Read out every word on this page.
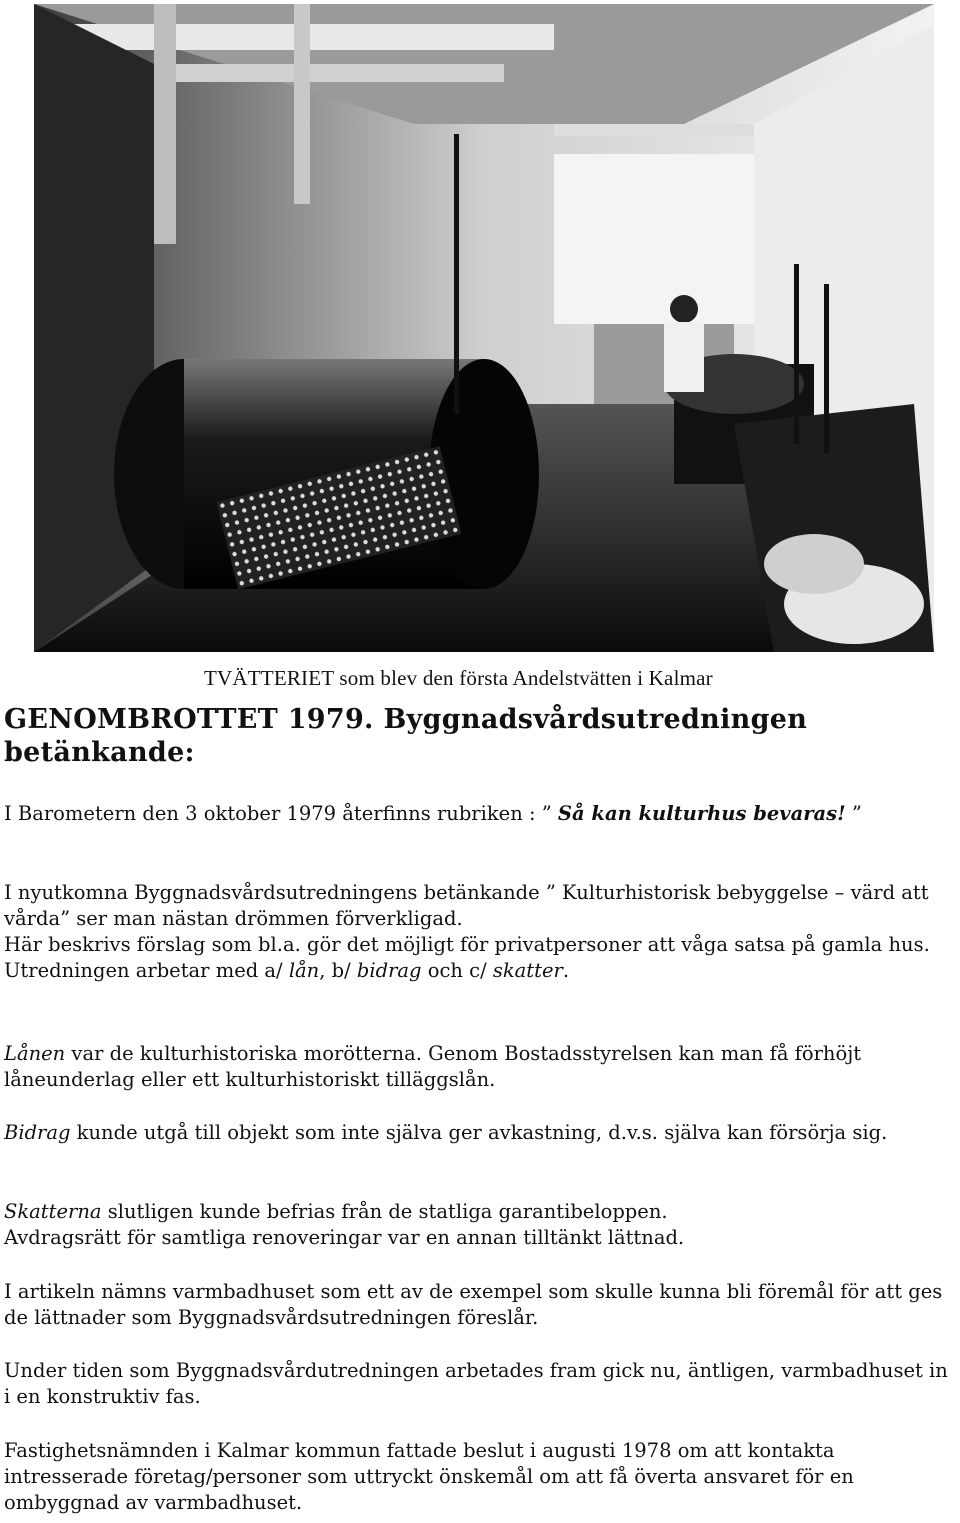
TVÄTTERIET som blev den första Andelstvätten i Kalmar
GENOMBROTTET 1979. Byggnadsvårdsutredningen betänkande:

I Barometern den 3 oktober 1979 återfinns rubriken : ” Så kan kulturhus bevaras! ”

I nyutkomna Byggnadsvårdsutredningens betänkande ” Kulturhistorisk bebyggelse – värd att vårda” ser man nästan drömmen förverkligad.
Här beskrivs förslag som bl.a. gör det möjligt för privatpersoner att våga satsa på gamla hus.
Utredningen arbetar med a/ lån, b/ bidrag och c/ skatter.

Lånen var de kulturhistoriska morötterna. Genom Bostadsstyrelsen kan man få förhöjt låneunderlag eller ett kulturhistoriskt tilläggslån.

Bidrag kunde utgå till objekt som inte själva ger avkastning, d.v.s. själva kan försörja sig.

Skatterna slutligen kunde befrias från de statliga garantibeloppen.
Avdragsrätt för samtliga renoveringar var en annan tilltänkt lättnad.

I artikeln nämns varmbadhuset som ett av de exempel som skulle kunna bli föremål för att ges de lättnader som Byggnadsvårdsutredningen föreslår.

Under tiden som Byggnadsvårdutredningen arbetades fram gick nu, äntligen, varmbadhuset in i en konstruktiv fas.

Fastighetsnämnden i Kalmar kommun fattade beslut i augusti 1978 om att kontakta intresserade företag/personer som uttryckt önskemål om att få överta ansvaret för en ombyggnad av varmbadhuset.
